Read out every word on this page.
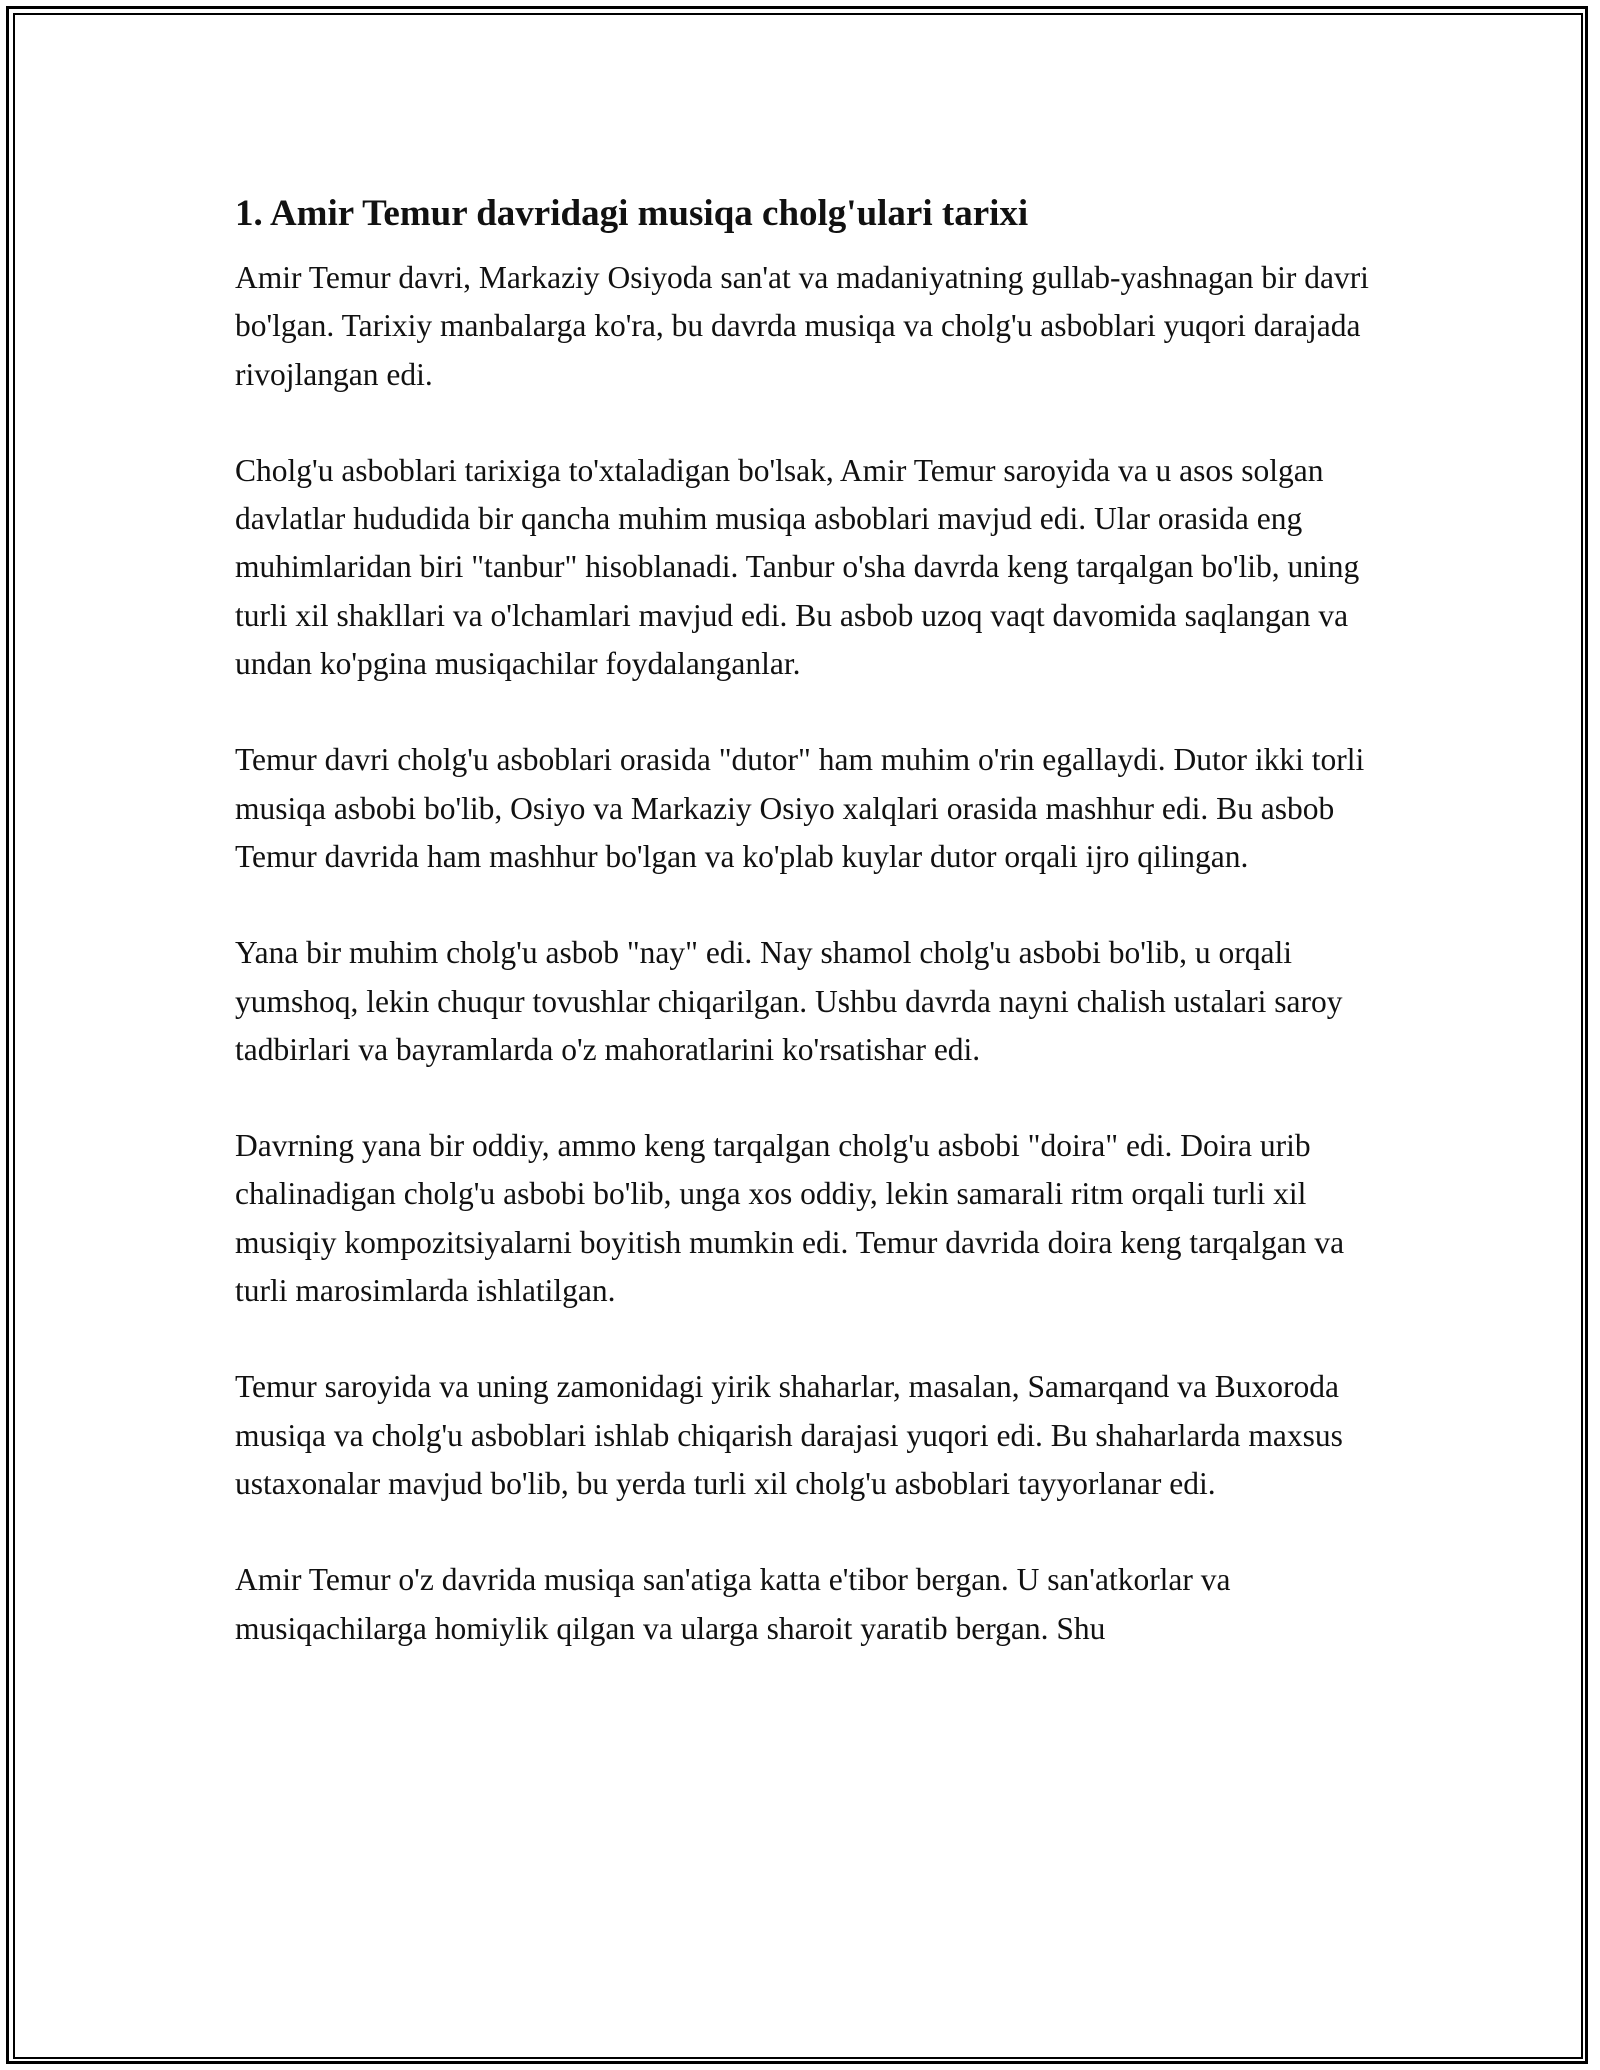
1. Amir Temur davridagi musiqa cholg'ulari tarixi

Amir Temur davri, Markaziy Osiyoda san'at va madaniyatning gullab-yashnagan bir davri bo'lgan. Tarixiy manbalarga ko'ra, bu davrda musiqa va cholg'u asboblari yuqori darajada rivojlangan edi.

Cholg'u asboblari tarixiga to'xtaladigan bo'lsak, Amir Temur saroyida va u asos solgan davlatlar hududida bir qancha muhim musiqa asboblari mavjud edi. Ular orasida eng muhimlaridan biri "tanbur" hisoblanadi. Tanbur o'sha davrda keng tarqalgan bo'lib, uning turli xil shakllari va o'lchamlari mavjud edi. Bu asbob uzoq vaqt davomida saqlangan va undan ko'pgina musiqachilar foydalanganlar.

Temur davri cholg'u asboblari orasida "dutor" ham muhim o'rin egallaydi. Dutor ikki torli musiqa asbobi bo'lib, Osiyo va Markaziy Osiyo xalqlari orasida mashhur edi. Bu asbob Temur davrida ham mashhur bo'lgan va ko'plab kuylar dutor orqali ijro qilingan.

Yana bir muhim cholg'u asbob "nay" edi. Nay shamol cholg'u asbobi bo'lib, u orqali yumshoq, lekin chuqur tovushlar chiqarilgan. Ushbu davrda nayni chalish ustalari saroy tadbirlari va bayramlarda o'z mahoratlarini ko'rsatishar edi.

Davrning yana bir oddiy, ammo keng tarqalgan cholg'u asbobi "doira" edi. Doira urib chalinadigan cholg'u asbobi bo'lib, unga xos oddiy, lekin samarali ritm orqali turli xil musiqiy kompozitsiyalarni boyitish mumkin edi. Temur davrida doira keng tarqalgan va turli marosimlarda ishlatilgan.

Temur saroyida va uning zamonidagi yirik shaharlar, masalan, Samarqand va Buxoroda musiqa va cholg'u asboblari ishlab chiqarish darajasi yuqori edi. Bu shaharlarda maxsus ustaxonalar mavjud bo'lib, bu yerda turli xil cholg'u asboblari tayyorlanar edi.

Amir Temur o'z davrida musiqa san'atiga katta e'tibor bergan. U san'atkorlar va musiqachilarga homiylik qilgan va ularga sharoit yaratib bergan. Shu
